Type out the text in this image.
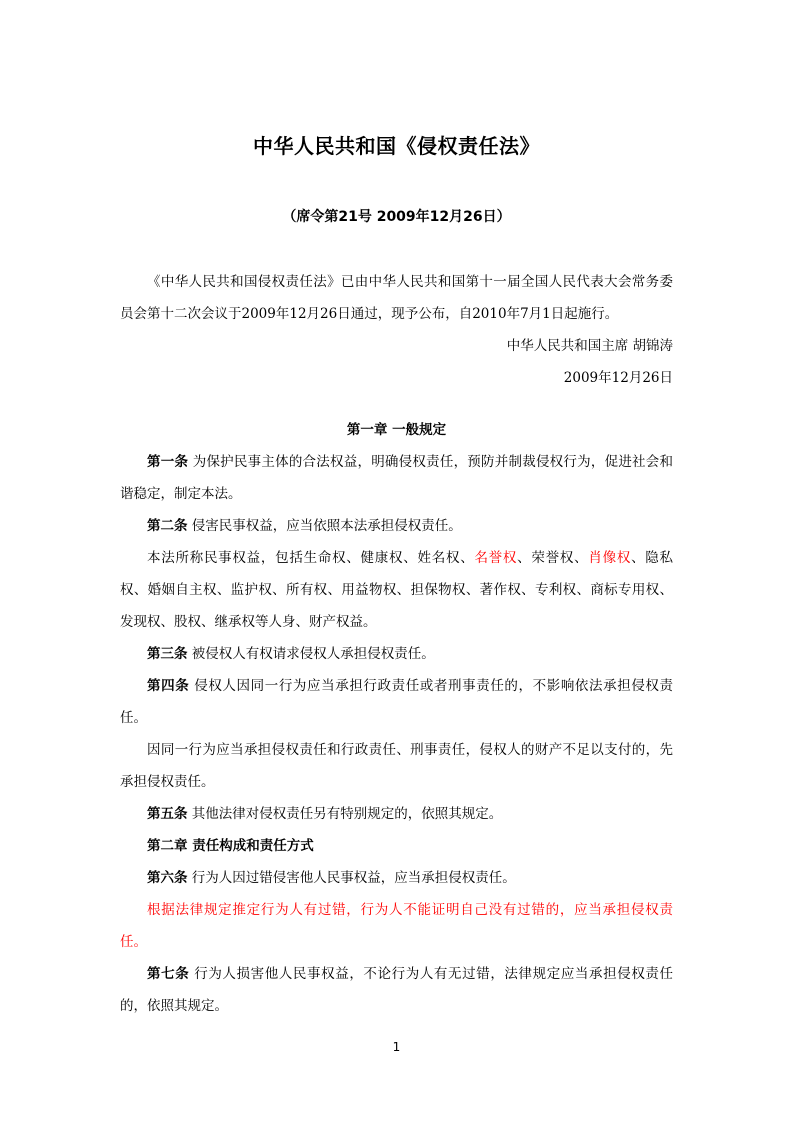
中华人民共和国《侵权责任法》
（席令第21号 2009年12月26日）

《中华人民共和国侵权责任法》已由中华人民共和国第十一届全国人民代表大会常务委员会第十二次会议于2009年12月26日通过，现予公布，自2010年7月1日起施行。

中华人民共和国主席 胡锦涛

2009年12月26日

第一章 一般规定

第一条 为保护民事主体的合法权益，明确侵权责任，预防并制裁侵权行为，促进社会和谐稳定，制定本法。

第二条 侵害民事权益，应当依照本法承担侵权责任。

本法所称民事权益，包括生命权、健康权、姓名权、名誉权、荣誉权、肖像权、隐私权、婚姻自主权、监护权、所有权、用益物权、担保物权、著作权、专利权、商标专用权、发现权、股权、继承权等人身、财产权益。

第三条 被侵权人有权请求侵权人承担侵权责任。

第四条 侵权人因同一行为应当承担行政责任或者刑事责任的，不影响依法承担侵权责任。

因同一行为应当承担侵权责任和行政责任、刑事责任，侵权人的财产不足以支付的，先承担侵权责任。

第五条 其他法律对侵权责任另有特别规定的，依照其规定。

第二章 责任构成和责任方式

第六条 行为人因过错侵害他人民事权益，应当承担侵权责任。

根据法律规定推定行为人有过错，行为人不能证明自己没有过错的，应当承担侵权责任。

第七条 行为人损害他人民事权益，不论行为人有无过错，法律规定应当承担侵权责任的，依照其规定。

1
